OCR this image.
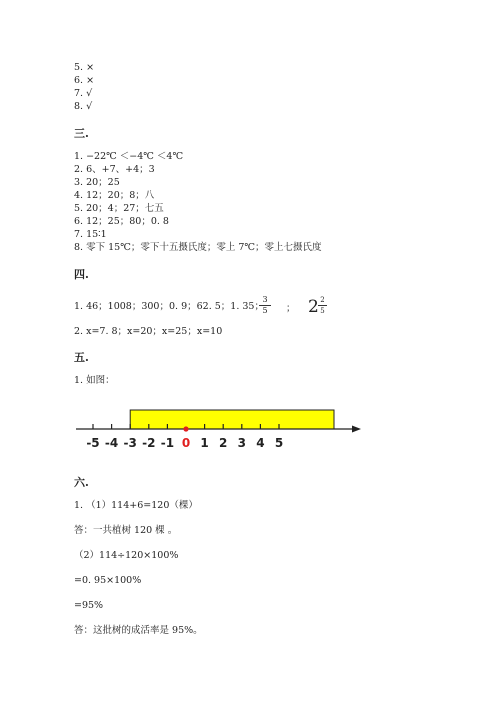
5. ×
6. ×
7. √
8. √
三.
1. −22℃ ＜−4℃ ＜4℃
2. 6、+7、+4；3
3. 20；25
4. 12；20；8；八
5. 20；4；27；七五
6. 12；25；80；0. 8
7. 15∶1
8. 零下 15℃；零下十五摄氏度；零上 7℃；零上七摄氏度
四.
1. 46；1008；300；0. 9；62. 5；1. 35；
$\frac{3}{5}$ ； $2 \frac{2}{5}$
2. x=7. 8；x=20；x=25；x=10
五.
1. 如图：
-5 -4 -3 -2 -1 0 1 2 3 4 5
六.
1. （1）114+6=120（棵）
答：一共植树 120 棵 。
（2）114÷120×100%
=0. 95×100%
=95%
答：这批树的成活率是 95%。
